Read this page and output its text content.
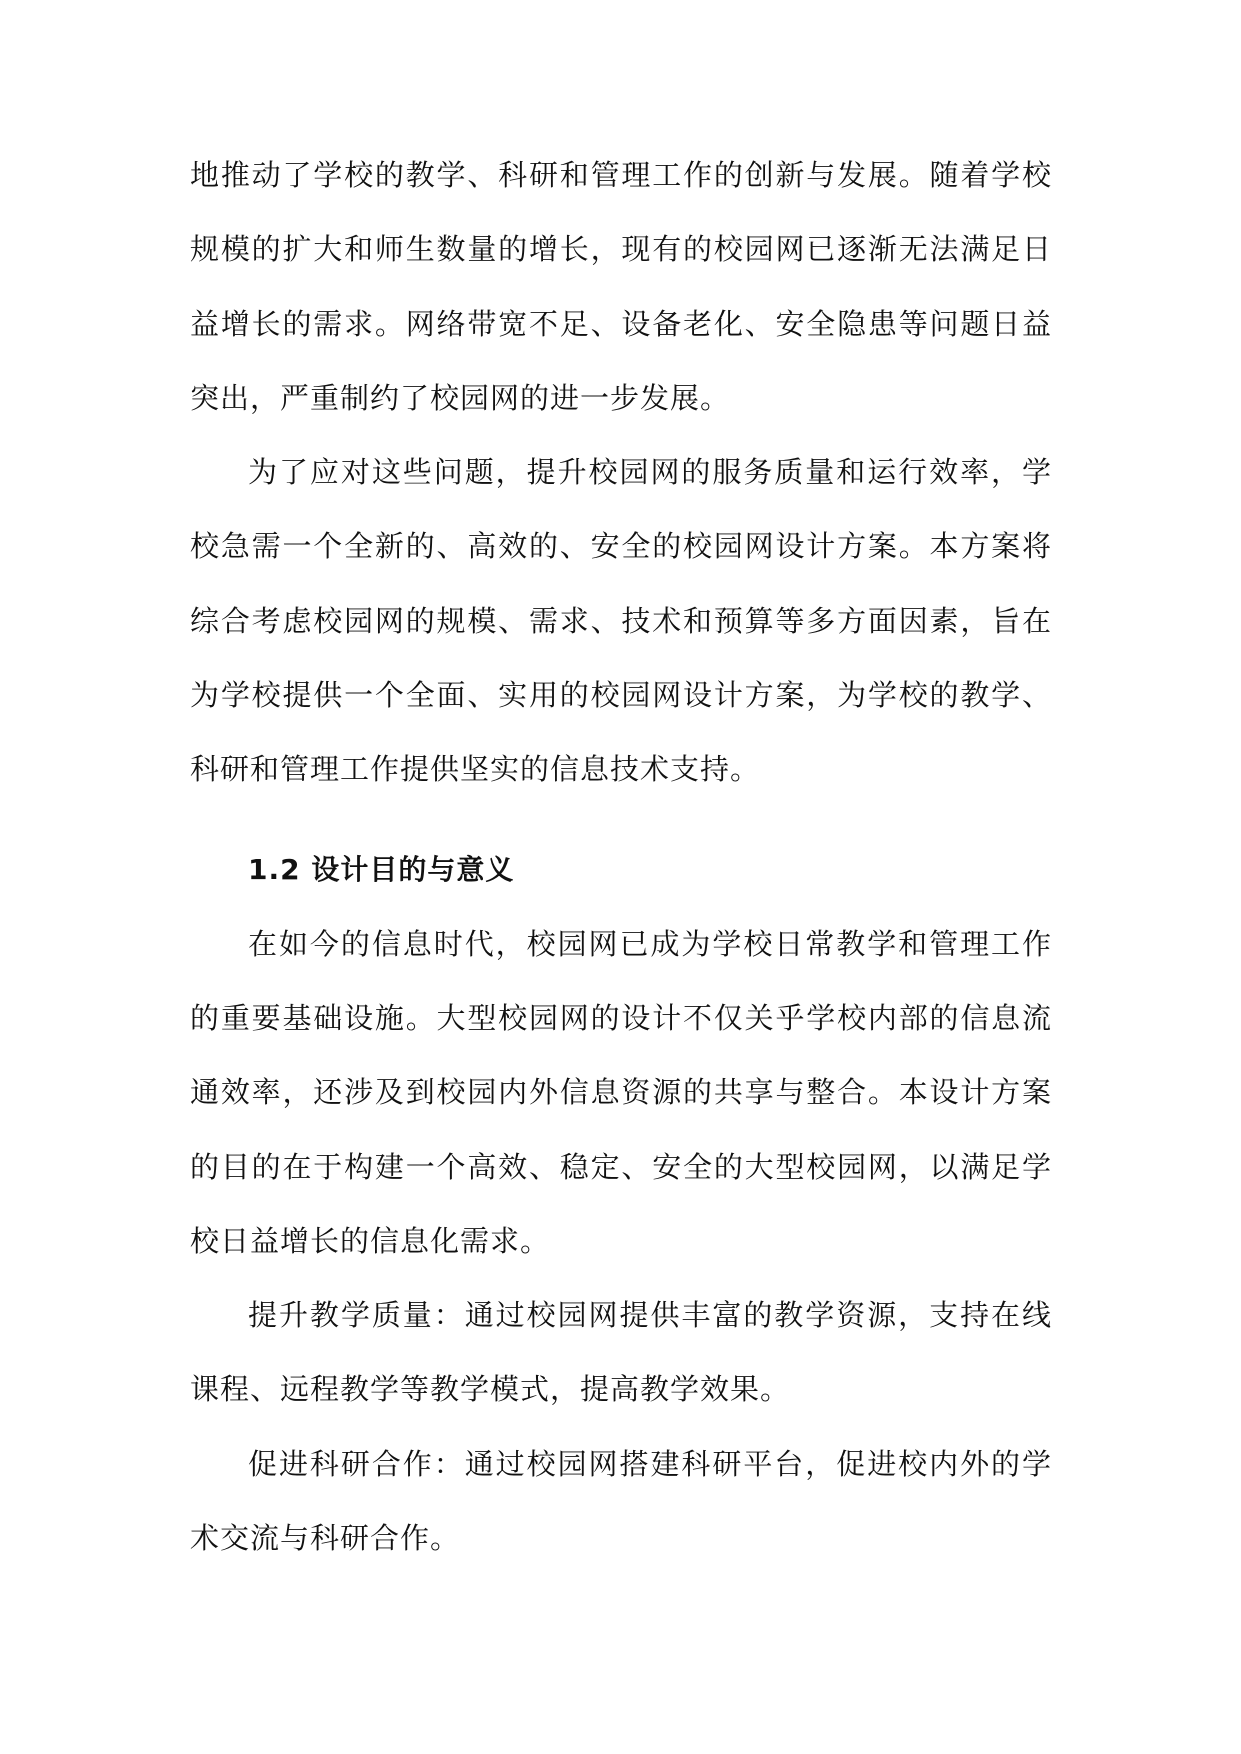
地推动了学校的教学、科研和管理工作的创新与发展。随着学校规模的扩大和师生数量的增长，现有的校园网已逐渐无法满足日益增长的需求。网络带宽不足、设备老化、安全隐患等问题日益突出，严重制约了校园网的进一步发展。

为了应对这些问题，提升校园网的服务质量和运行效率，学校急需一个全新的、高效的、安全的校园网设计方案。本方案将综合考虑校园网的规模、需求、技术和预算等多方面因素，旨在为学校提供一个全面、实用的校园网设计方案，为学校的教学、科研和管理工作提供坚实的信息技术支持。

1.2 设计目的与意义

在如今的信息时代，校园网已成为学校日常教学和管理工作的重要基础设施。大型校园网的设计不仅关乎学校内部的信息流通效率，还涉及到校园内外信息资源的共享与整合。本设计方案的目的在于构建一个高效、稳定、安全的大型校园网，以满足学校日益增长的信息化需求。

提升教学质量：通过校园网提供丰富的教学资源，支持在线课程、远程教学等教学模式，提高教学效果。

促进科研合作：通过校园网搭建科研平台，促进校内外的学术交流与科研合作。
